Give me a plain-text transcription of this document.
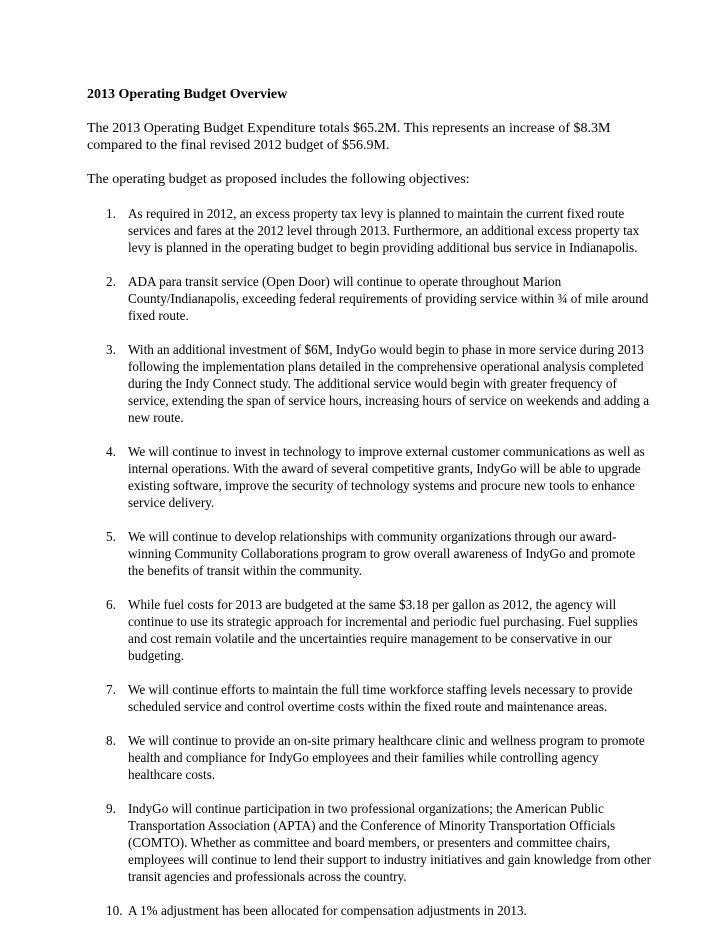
2013 Operating Budget Overview
The 2013 Operating Budget Expenditure totals $65.2M. This represents an increase of $8.3M compared to the final revised 2012 budget of $56.9M.
The operating budget as proposed includes the following objectives:
1. As required in 2012, an excess property tax levy is planned to maintain the current fixed route services and fares at the 2012 level through 2013. Furthermore, an additional excess property tax levy is planned in the operating budget to begin providing additional bus service in Indianapolis.
2. ADA para transit service (Open Door) will continue to operate throughout Marion County/Indianapolis, exceeding federal requirements of providing service within ¾ of mile around fixed route.
3. With an additional investment of $6M, IndyGo would begin to phase in more service during 2013 following the implementation plans detailed in the comprehensive operational analysis completed during the Indy Connect study. The additional service would begin with greater frequency of service, extending the span of service hours, increasing hours of service on weekends and adding a new route.
4. We will continue to invest in technology to improve external customer communications as well as internal operations. With the award of several competitive grants, IndyGo will be able to upgrade existing software, improve the security of technology systems and procure new tools to enhance service delivery.
5. We will continue to develop relationships with community organizations through our award-winning Community Collaborations program to grow overall awareness of IndyGo and promote the benefits of transit within the community.
6. While fuel costs for 2013 are budgeted at the same $3.18 per gallon as 2012, the agency will continue to use its strategic approach for incremental and periodic fuel purchasing. Fuel supplies and cost remain volatile and the uncertainties require management to be conservative in our budgeting.
7. We will continue efforts to maintain the full time workforce staffing levels necessary to provide scheduled service and control overtime costs within the fixed route and maintenance areas.
8. We will continue to provide an on-site primary healthcare clinic and wellness program to promote health and compliance for IndyGo employees and their families while controlling agency healthcare costs.
9. IndyGo will continue participation in two professional organizations; the American Public Transportation Association (APTA) and the Conference of Minority Transportation Officials (COMTO). Whether as committee and board members, or presenters and committee chairs, employees will continue to lend their support to industry initiatives and gain knowledge from other transit agencies and professionals across the country.
10. A 1% adjustment has been allocated for compensation adjustments in 2013.
